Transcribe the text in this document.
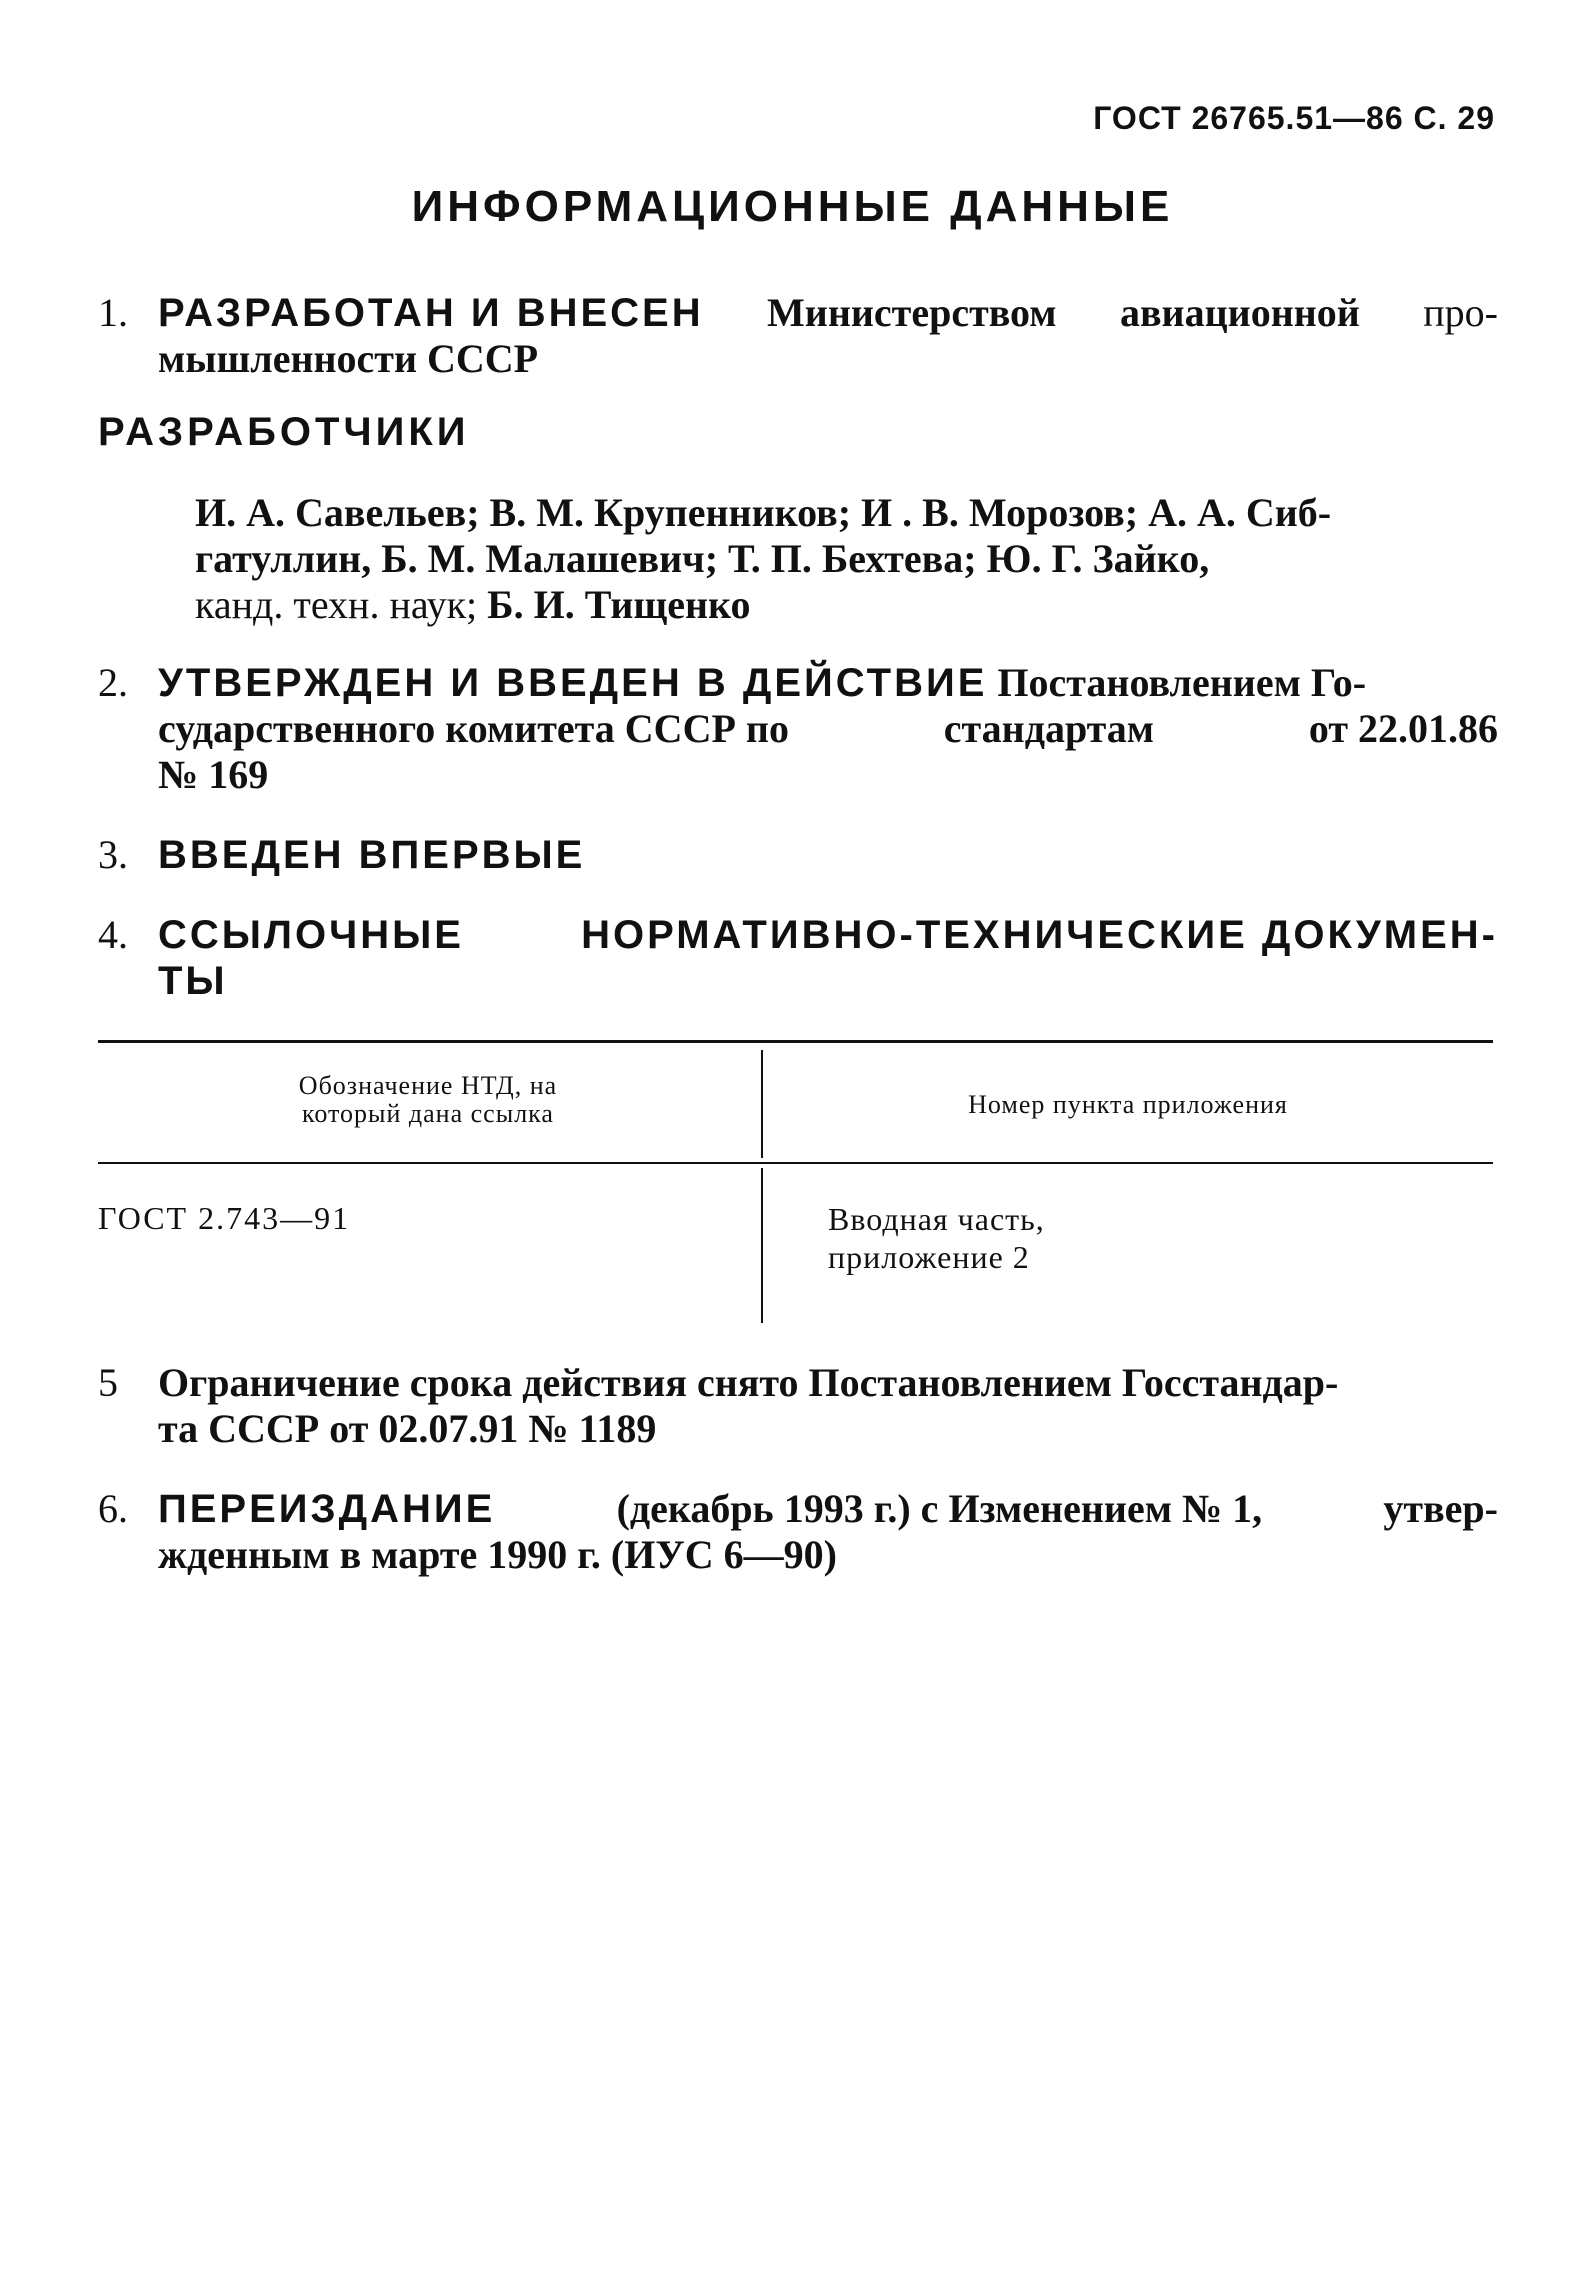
ГОСТ 26765.51—86 С. 29
ИНФОРМАЦИОННЫЕ ДАННЫЕ
1. РАЗРАБОТАН И ВНЕСЕН Министерством авиационной про-
мышленности СССР
РАЗРАБОТЧИКИ
И. А. Савельев; В. М. Крупенников; И . В. Морозов; А. А. Сиб-
гатуллин, Б. М. Малашевич; Т. П. Бехтева; Ю. Г. Зайко,
канд. техн. наук; Б. И. Тищенко
2. УТВЕРЖДЕН И ВВЕДЕН В ДЕЙСТВИЕ Постановлением Го-
сударственного комитета СССР по	стандартам	от 22.01.86
№ 169
3. ВВЕДЕН ВПЕРВЫЕ
4. ССЫЛОЧНЫЕ	НОРМАТИВНО-ТЕХНИЧЕСКИЕ ДОКУМЕН-
ТЫ
Обозначение НТД, на
который дана ссылка	Номер пункта приложения
ГОСТ 2.743—91	Вводная часть,
приложение 2
5 Ограничение срока действия снято Постановлением Госстандар-
та СССР от 02.07.91 № 1189
6. ПЕРЕИЗДАНИЕ	(декабрь 1993 г.) с Изменением № 1,	утвер-
жденным в марте 1990 г. (ИУС 6—90)
